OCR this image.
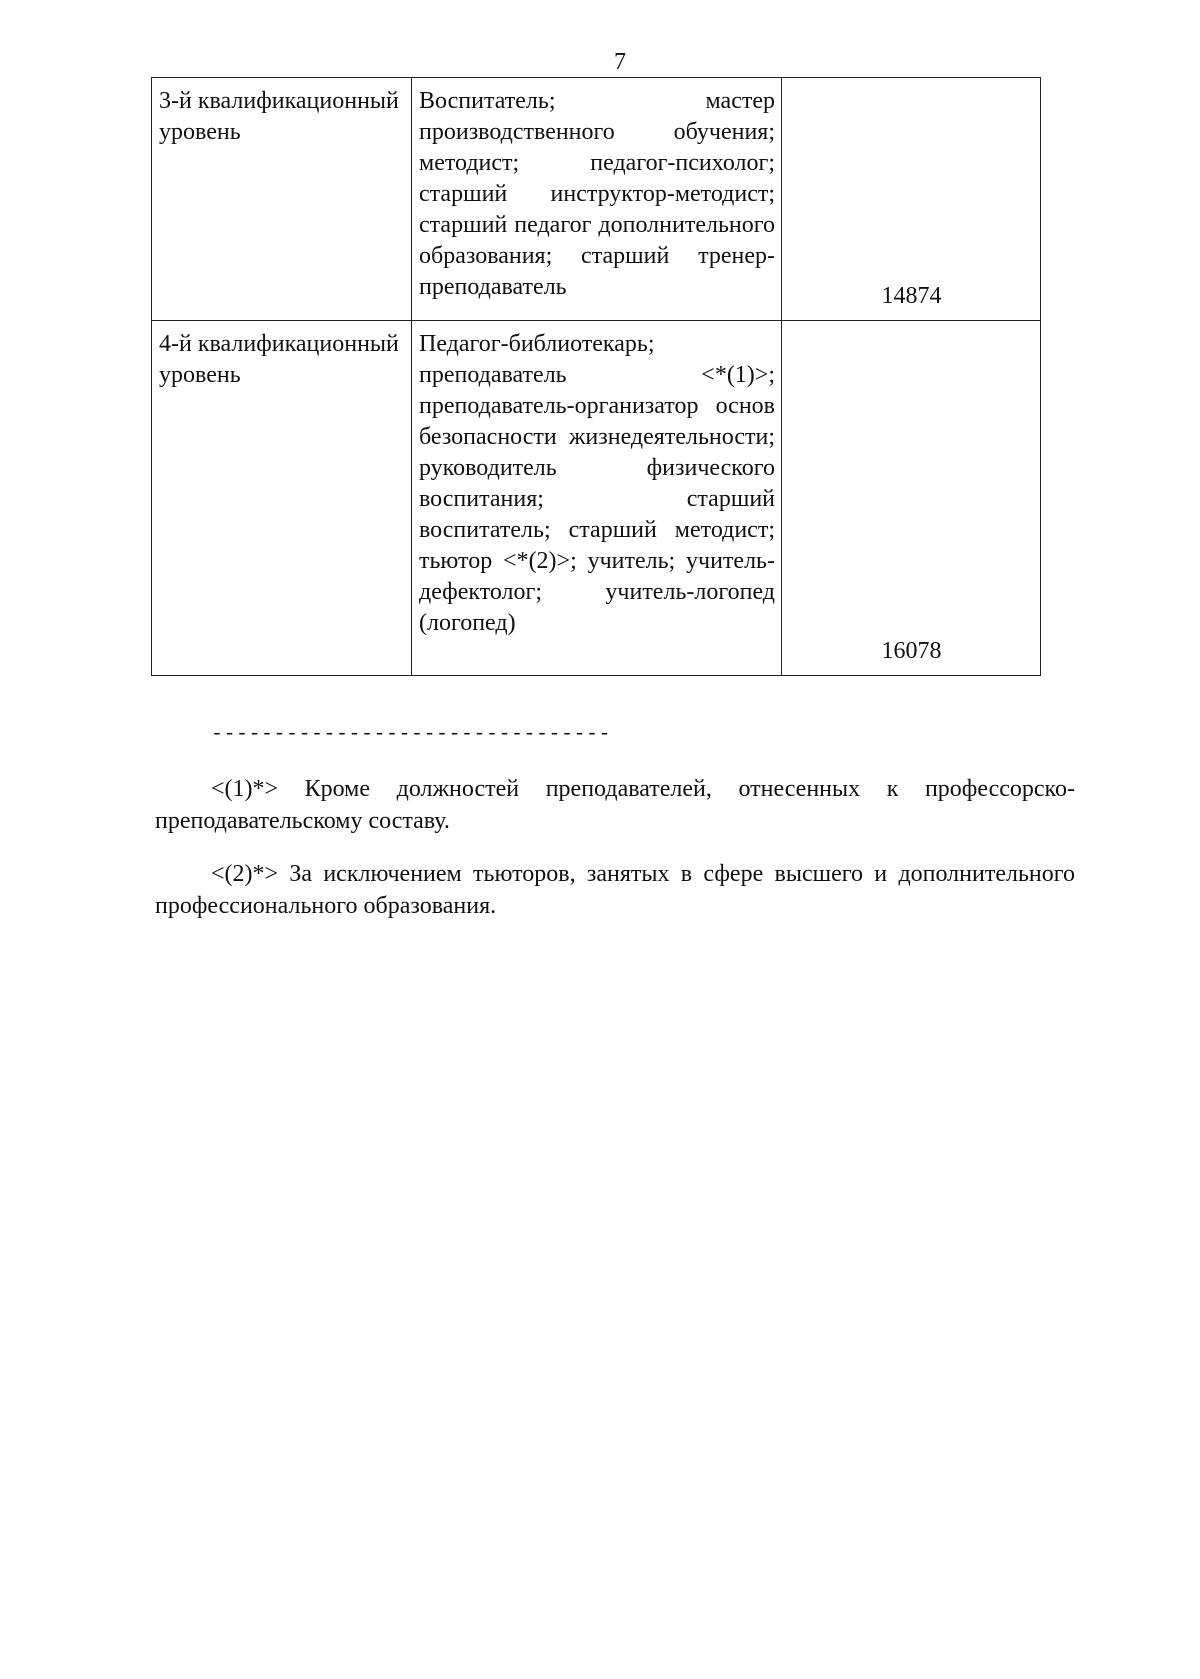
7
3-й квалификационный уровень	Воспитатель; мастер производственного обучения; методист; педагог-психолог; старший инструктор-методист; старший педагог дополнительного образования; старший тренер-преподаватель	14874
4-й квалификационный уровень	Педагог-библиотекарь; преподаватель <*(1)>; преподаватель-организатор основ безопасности жизнедеятельности; руководитель физического воспитания; старший воспитатель; старший методист; тьютор <*(2)>; учитель; учитель-дефектолог; учитель-логопед (логопед)	16078
--------------------------------

<(1)*> Кроме должностей преподавателей, отнесенных к профессорско-преподавательскому составу.

<(2)*> За исключением тьюторов, занятых в сфере высшего и дополнительного профессионального образования.
